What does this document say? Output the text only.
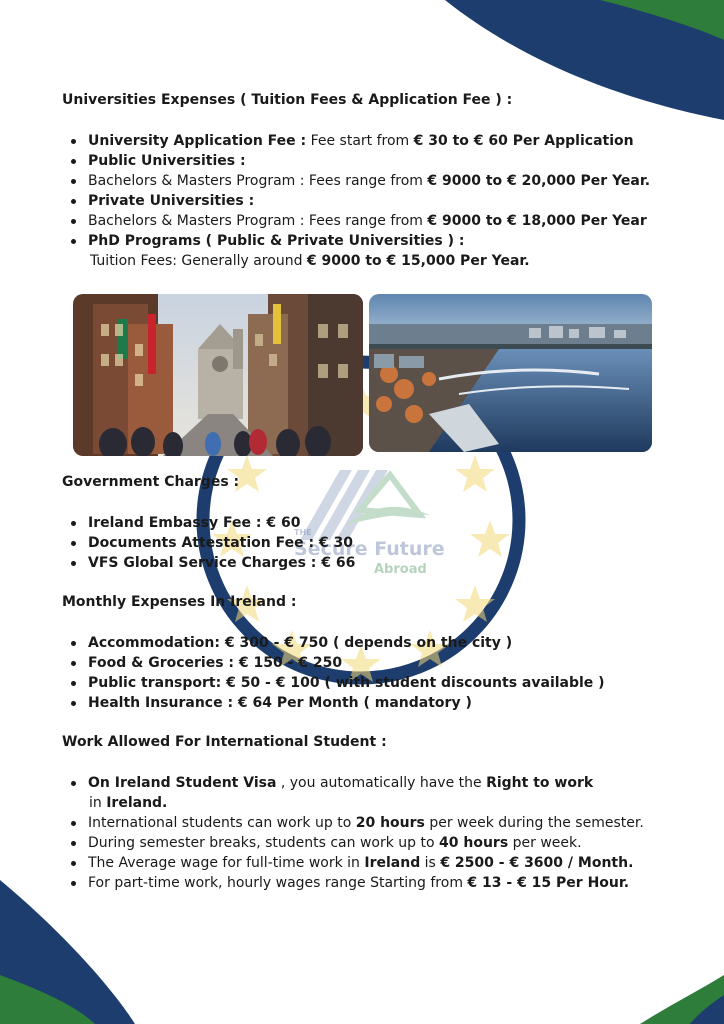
THE
Secure Future
Abroad
Universities Expenses ( Tuition Fees & Application Fee ) :
University Application Fee : Fee start from € 30 to € 60 Per Application
Public Universities :
Bachelors & Masters Program : Fees range from € 9000 to € 20,000 Per Year.
Private Universities :
Bachelors & Masters Program : Fees range from € 9000 to € 18,000 Per Year
PhD Programs ( Public & Private Universities ) :
Tuition Fees: Generally around € 9000 to € 15,000 Per Year.
Government Charges :
Ireland Embassy Fee : € 60
Documents Attestation Fee : € 30
VFS Global Service Charges : € 66
Monthly Expenses In Ireland :
Accommodation: € 300 - € 750 ( depends on the city )
Food & Groceries : € 150 - € 250
Public transport: € 50 - € 100 ( with student discounts available )
Health Insurance : € 64 Per Month ( mandatory )
Work Allowed For International Student :
On Ireland Student Visa , you automatically have the Right to work
in Ireland.
International students can work up to 20 hours per week during the semester.
During semester breaks, students can work up to 40 hours per week.
The Average wage for full-time work in Ireland is € 2500 - € 3600 / Month.
For part-time work, hourly wages range Starting from € 13 - € 15 Per Hour.
